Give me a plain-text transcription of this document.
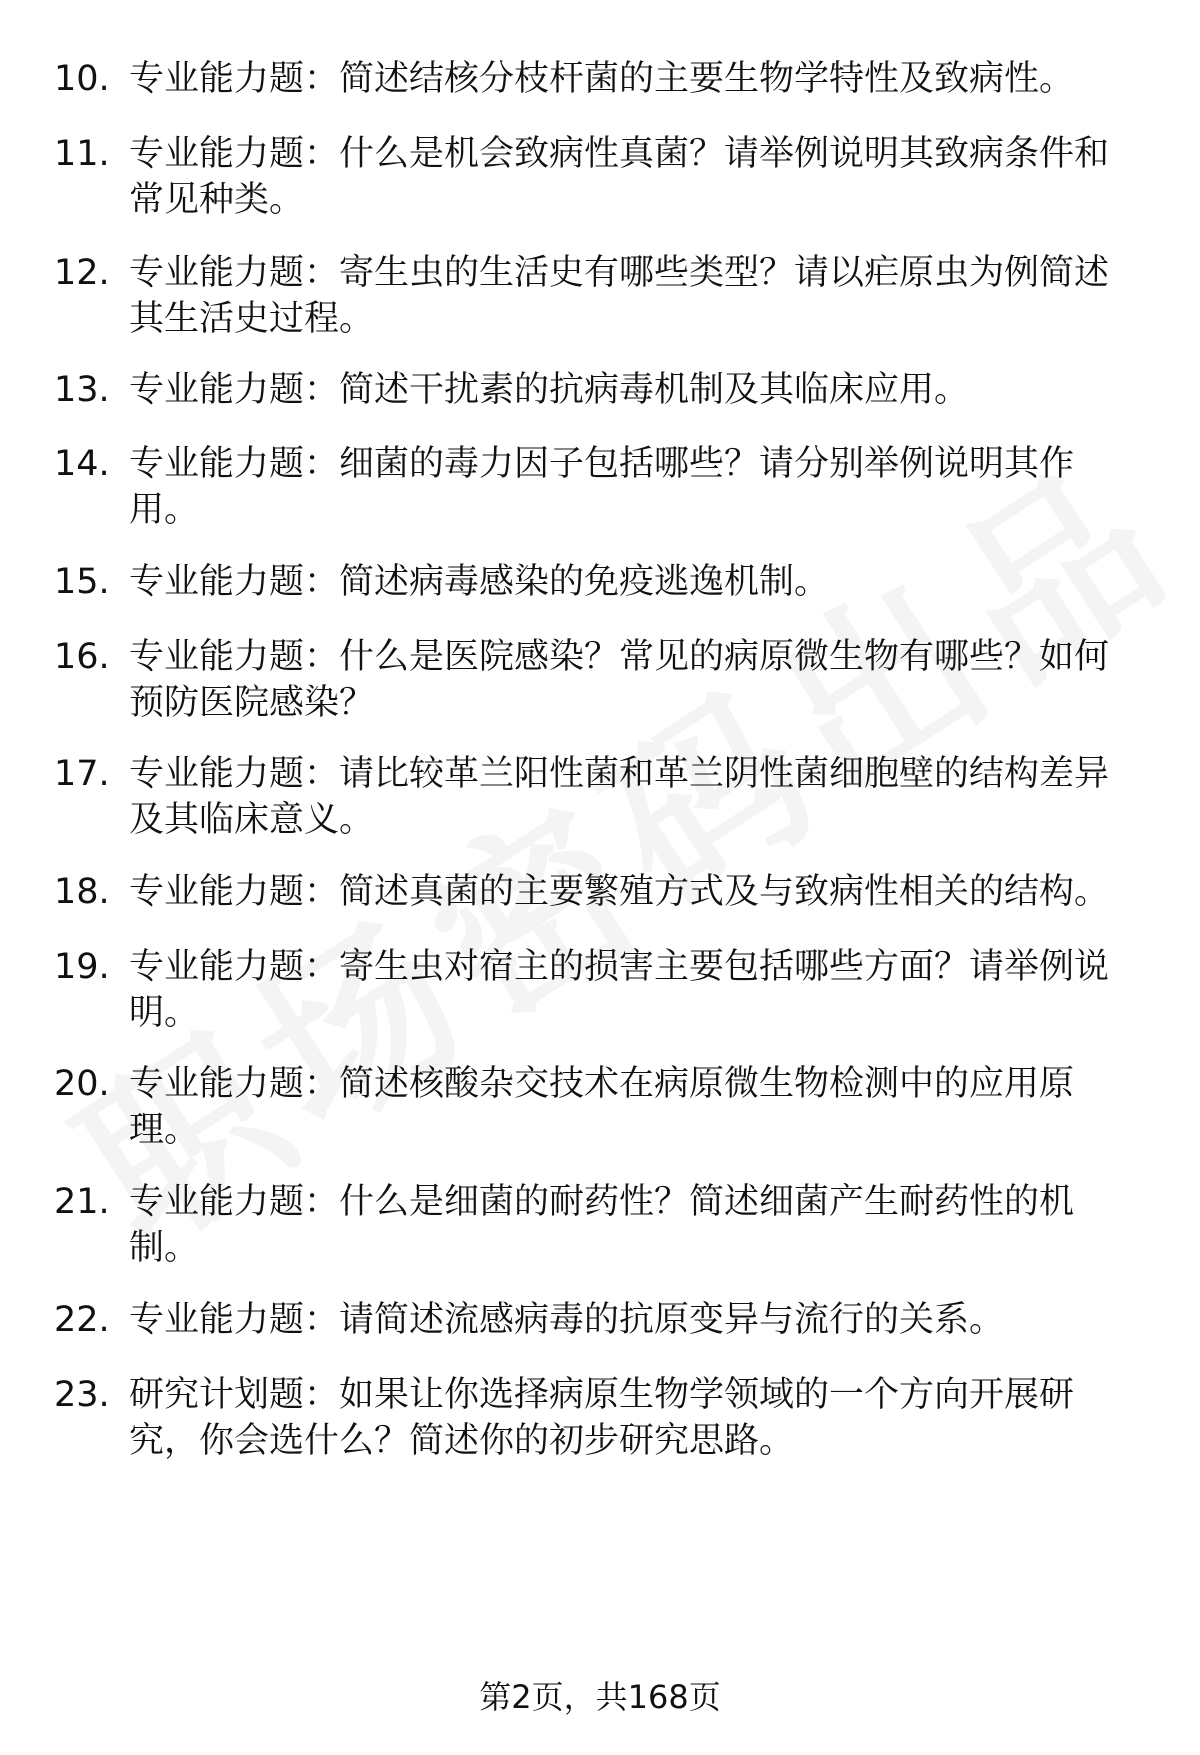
10. 专业能力题：简述结核分枝杆菌的主要生物学特性及致病性。
11. 专业能力题：什么是机会致病性真菌？请举例说明其致病条件和常见种类。
12. 专业能力题：寄生虫的生活史有哪些类型？请以疟原虫为例简述其生活史过程。
13. 专业能力题：简述干扰素的抗病毒机制及其临床应用。
14. 专业能力题：细菌的毒力因子包括哪些？请分别举例说明其作用。
15. 专业能力题：简述病毒感染的免疫逃逸机制。
16. 专业能力题：什么是医院感染？常见的病原微生物有哪些？如何预防医院感染？
17. 专业能力题：请比较革兰阳性菌和革兰阴性菌细胞壁的结构差异及其临床意义。
18. 专业能力题：简述真菌的主要繁殖方式及与致病性相关的结构。
19. 专业能力题：寄生虫对宿主的损害主要包括哪些方面？请举例说明。
20. 专业能力题：简述核酸杂交技术在病原微生物检测中的应用原理。
21. 专业能力题：什么是细菌的耐药性？简述细菌产生耐药性的机制。
22. 专业能力题：请简述流感病毒的抗原变异与流行的关系。
23. 研究计划题：如果让你选择病原生物学领域的一个方向开展研究，你会选什么？简述你的初步研究思路。
第2页，共168页
